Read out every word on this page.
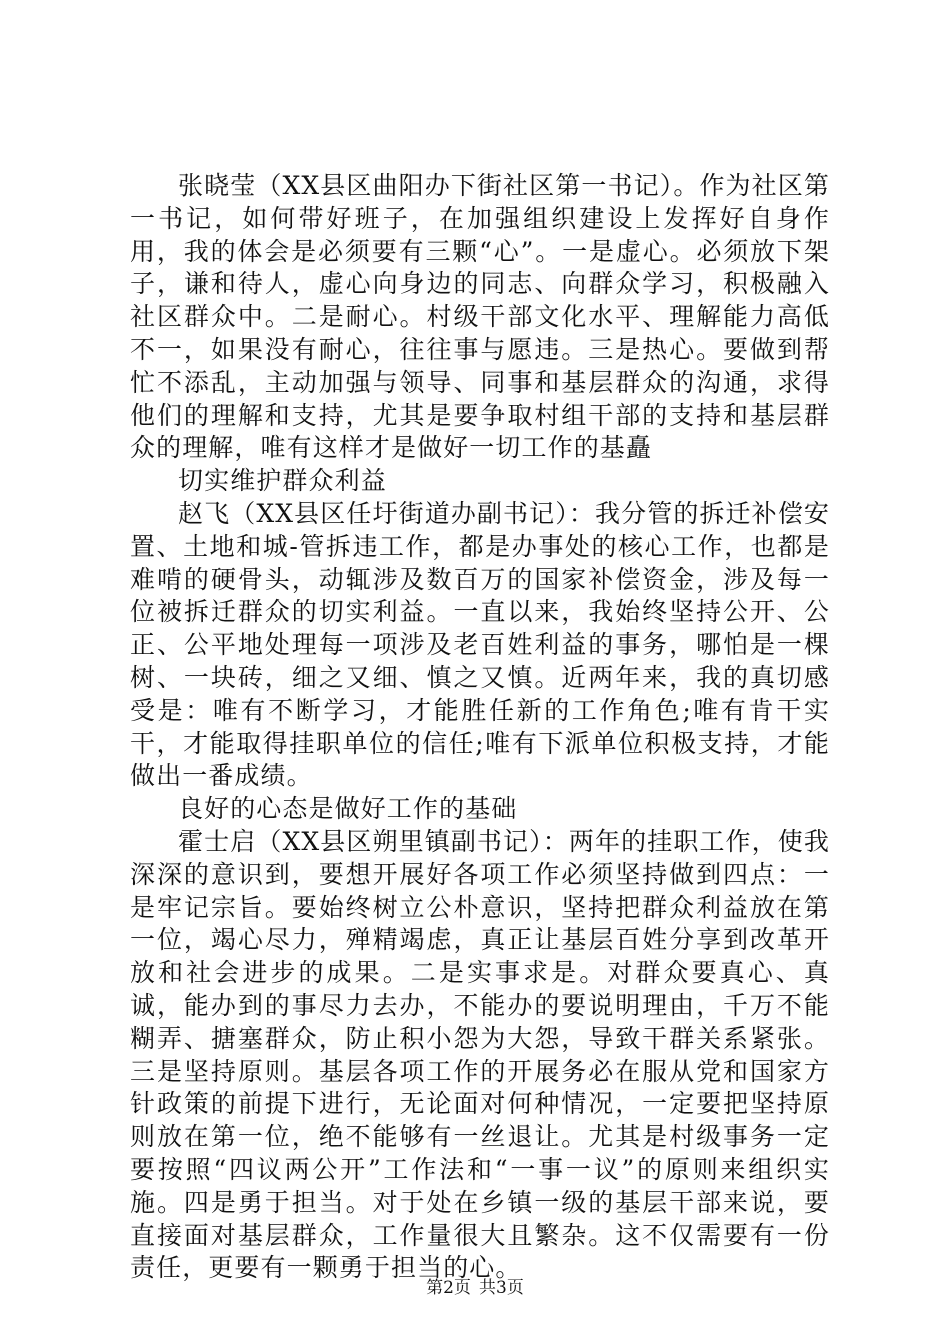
张晓莹（XX县区曲阳办下街社区第一书记）。作为社区第一书记，如何带好班子，在加强组织建设上发挥好自身作用，我的体会是必须要有三颗“心”。一是虚心。必须放下架子，谦和待人，虚心向身边的同志、向群众学习，积极融入社区群众中。二是耐心。村级干部文化水平、理解能力高低不一，如果没有耐心，往往事与愿违。三是热心。要做到帮忙不添乱，主动加强与领导、同事和基层群众的沟通，求得他们的理解和支持，尤其是要争取村组干部的支持和基层群众的理解，唯有这样才是做好一切工作的基矗

切实维护群众利益

赵飞（XX县区任圩街道办副书记）：我分管的拆迁补偿安置、土地和城-管拆违工作，都是办事处的核心工作，也都是难啃的硬骨头，动辄涉及数百万的国家补偿资金，涉及每一位被拆迁群众的切实利益。一直以来，我始终坚持公开、公正、公平地处理每一项涉及老百姓利益的事务，哪怕是一棵树、一块砖，细之又细、慎之又慎。近两年来，我的真切感受是：唯有不断学习，才能胜任新的工作角色;唯有肯干实干，才能取得挂职单位的信任;唯有下派单位积极支持，才能做出一番成绩。

良好的心态是做好工作的基础

霍士启（XX县区朔里镇副书记）：两年的挂职工作，使我深深的意识到，要想开展好各项工作必须坚持做到四点：一是牢记宗旨。要始终树立公朴意识，坚持把群众利益放在第一位，竭心尽力，殚精竭虑，真正让基层百姓分享到改革开放和社会进步的成果。二是实事求是。对群众要真心、真诚，能办到的事尽力去办，不能办的要说明理由，千万不能糊弄、搪塞群众，防止积小怨为大怨，导致干群关系紧张。三是坚持原则。基层各项工作的开展务必在服从党和国家方针政策的前提下进行，无论面对何种情况，一定要把坚持原则放在第一位，绝不能够有一丝退让。尤其是村级事务一定要按照“四议两公开”工作法和“一事一议”的原则来组织实施。四是勇于担当。对于处在乡镇一级的基层干部来说，要直接面对基层群众，工作量很大且繁杂。这不仅需要有一份责任，更要有一颗勇于担当的心。

第2页 共3页
